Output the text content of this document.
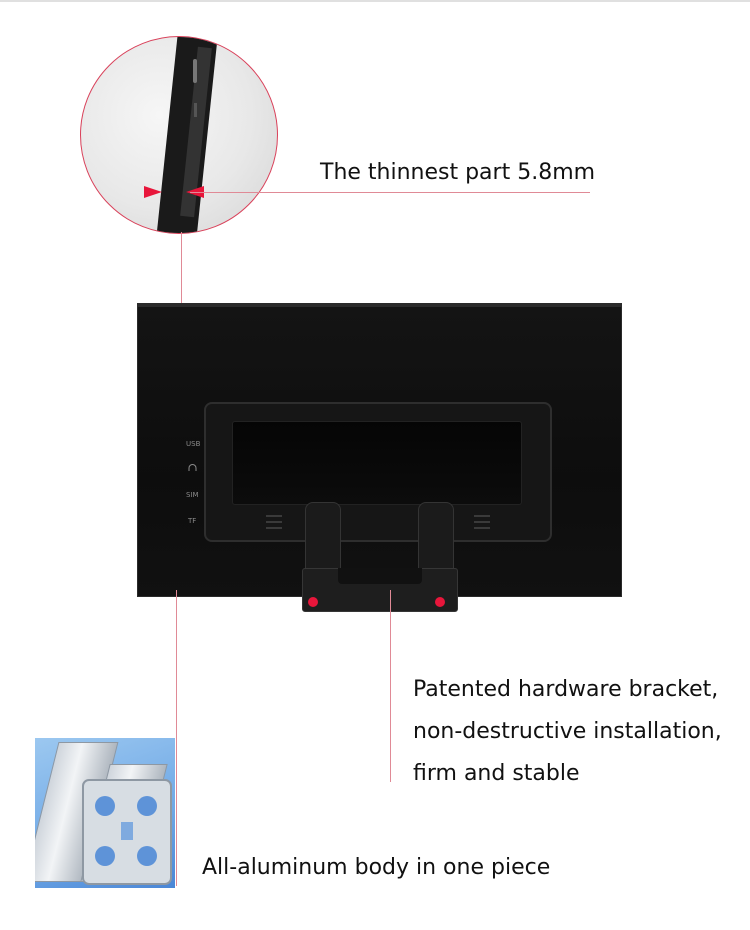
The thinnest part 5.8mm
USB
SIM
TF
Patented hardware bracket,
non-destructive installation,
firm and stable
All-aluminum body in one piece
